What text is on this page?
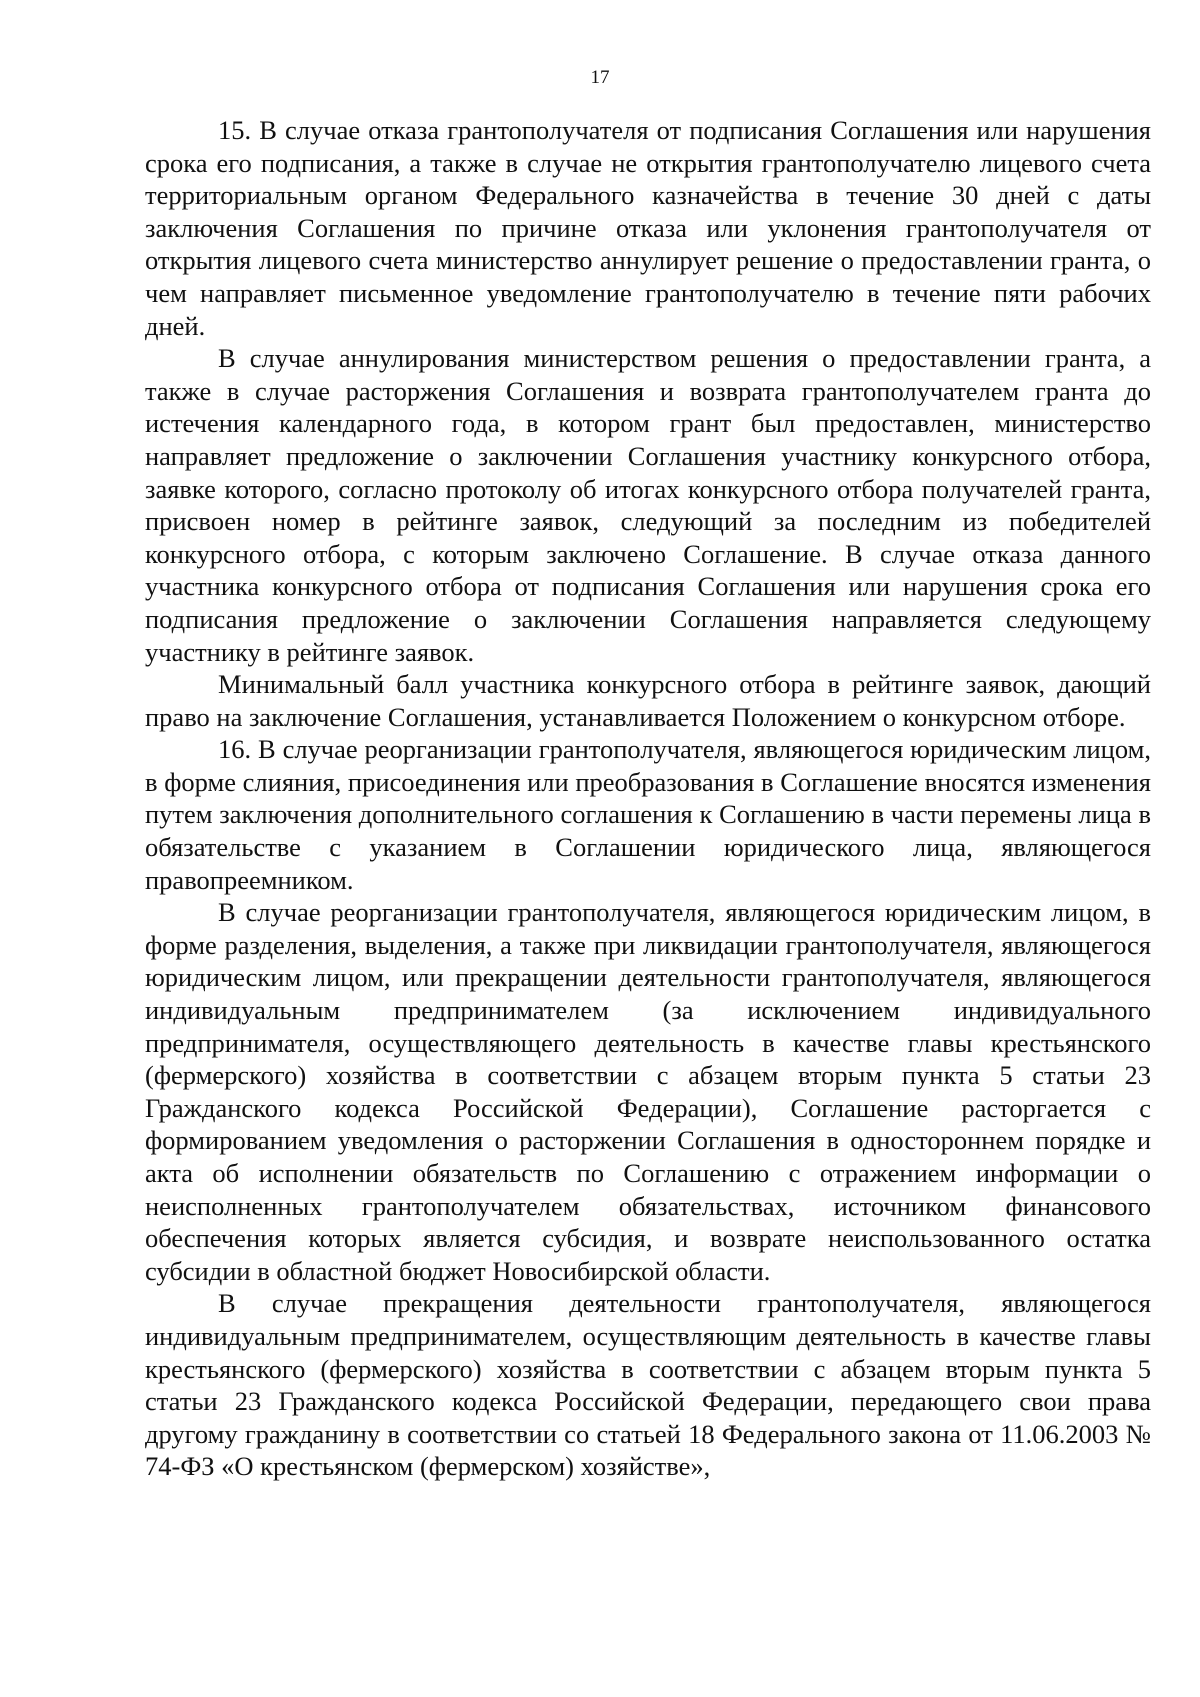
17

15. В случае отказа грантополучателя от подписания Соглашения или нарушения срока его подписания, а также в случае не открытия грантополучателю лицевого счета территориальным органом Федерального казначейства в течение 30 дней с даты заключения Соглашения по причине отказа или уклонения грантополучателя от открытия лицевого счета министерство аннулирует решение о предоставлении гранта, о чем направляет письменное уведомление грантополучателю в течение пяти рабочих дней.

В случае аннулирования министерством решения о предоставлении гранта, а также в случае расторжения Соглашения и возврата грантополучателем гранта до истечения календарного года, в котором грант был предоставлен, министерство направляет предложение о заключении Соглашения участнику конкурсного отбора, заявке которого, согласно протоколу об итогах конкурсного отбора получателей гранта, присвоен номер в рейтинге заявок, следующий за последним из победителей конкурсного отбора, с которым заключено Соглашение. В случае отказа данного участника конкурсного отбора от подписания Соглашения или нарушения срока его подписания предложение о заключении Соглашения направляется следующему участнику в рейтинге заявок.

Минимальный балл участника конкурсного отбора в рейтинге заявок, дающий право на заключение Соглашения, устанавливается Положением о конкурсном отборе.

16. В случае реорганизации грантополучателя, являющегося юридическим лицом, в форме слияния, присоединения или преобразования в Соглашение вносятся изменения путем заключения дополнительного соглашения к Соглашению в части перемены лица в обязательстве с указанием в Соглашении юридического лица, являющегося правопреемником.

В случае реорганизации грантополучателя, являющегося юридическим лицом, в форме разделения, выделения, а также при ликвидации грантополучателя, являющегося юридическим лицом, или прекращении деятельности грантополучателя, являющегося индивидуальным предпринимателем (за исключением индивидуального предпринимателя, осуществляющего деятельность в качестве главы крестьянского (фермерского) хозяйства в соответствии с абзацем вторым пункта 5 статьи 23 Гражданского кодекса Российской Федерации), Соглашение расторгается с формированием уведомления о расторжении Соглашения в одностороннем порядке и акта об исполнении обязательств по Соглашению с отражением информации о неисполненных грантополучателем обязательствах, источником финансового обеспечения которых является субсидия, и возврате неиспользованного остатка субсидии в областной бюджет Новосибирской области.

В случае прекращения деятельности грантополучателя, являющегося индивидуальным предпринимателем, осуществляющим деятельность в качестве главы крестьянского (фермерского) хозяйства в соответствии с абзацем вторым пункта 5 статьи 23 Гражданского кодекса Российской Федерации, передающего свои права другому гражданину в соответствии со статьей 18 Федерального закона от 11.06.2003 № 74-ФЗ «О крестьянском (фермерском) хозяйстве»,
